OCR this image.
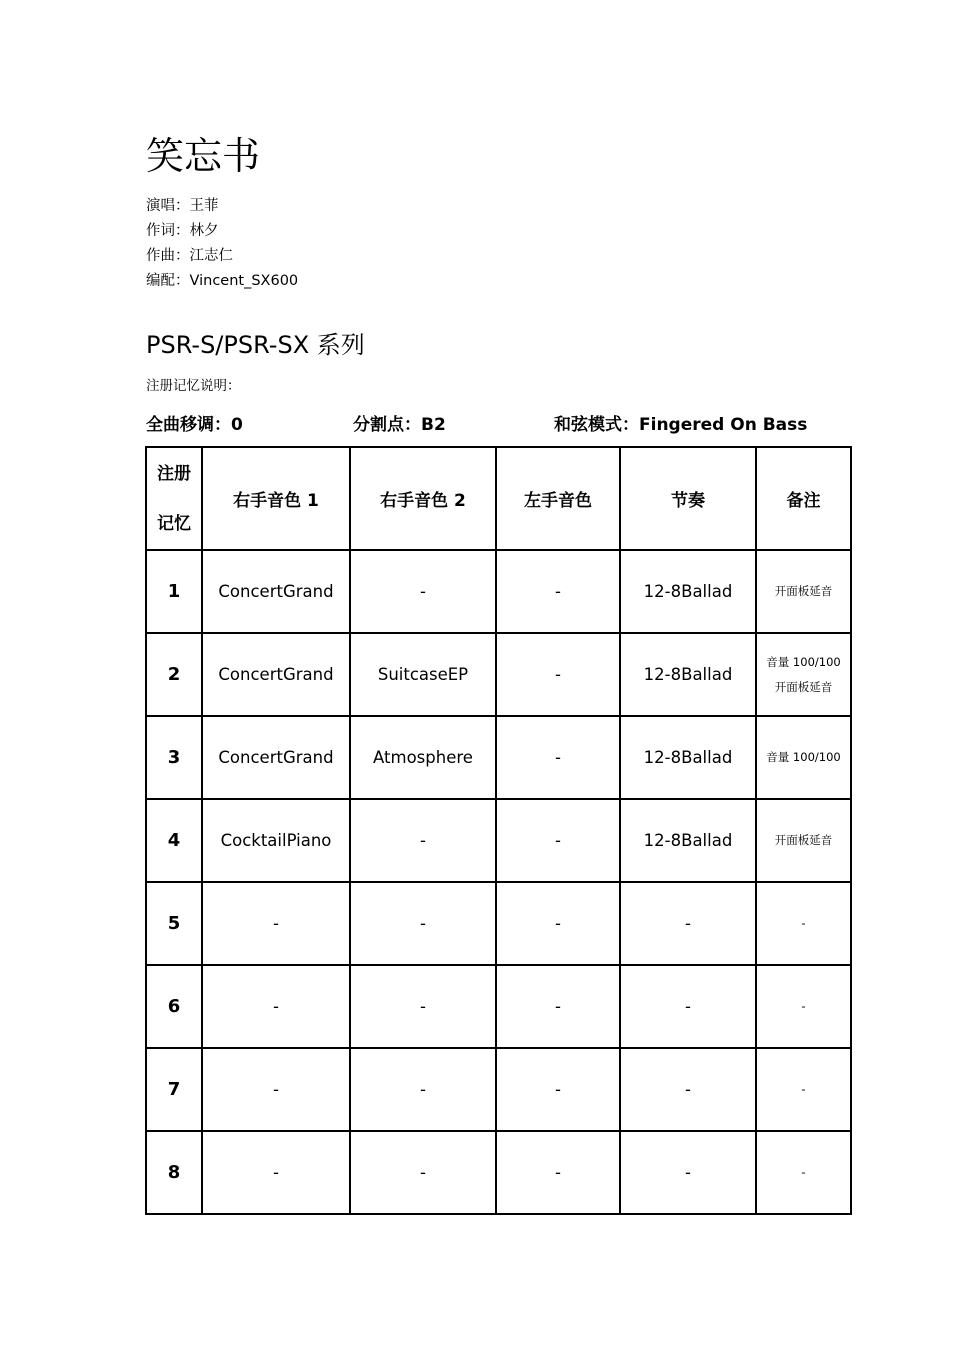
笑忘书
演唱：王菲
作词：林夕
作曲：江志仁
编配：Vincent_SX600
PSR-S/PSR-SX 系列
注册记忆说明：
全曲移调：0	分割点：B2	和弦模式：Fingered On Bass
注册
记忆	右手音色 1	右手音色 2	左手音色	节奏	备注
1	ConcertGrand	-	-	12-8Ballad	开面板延音

2	ConcertGrand	SuitcaseEP	-	12-8Ballad	音量 100/100
开面板延音

3	ConcertGrand	Atmosphere	-	12-8Ballad	音量 100/100

4	CocktailPiano	-	-	12-8Ballad	开面板延音

5	-	-	-	-	-

6	-	-	-	-	-

7	-	-	-	-	-

8	-	-	-	-	-
